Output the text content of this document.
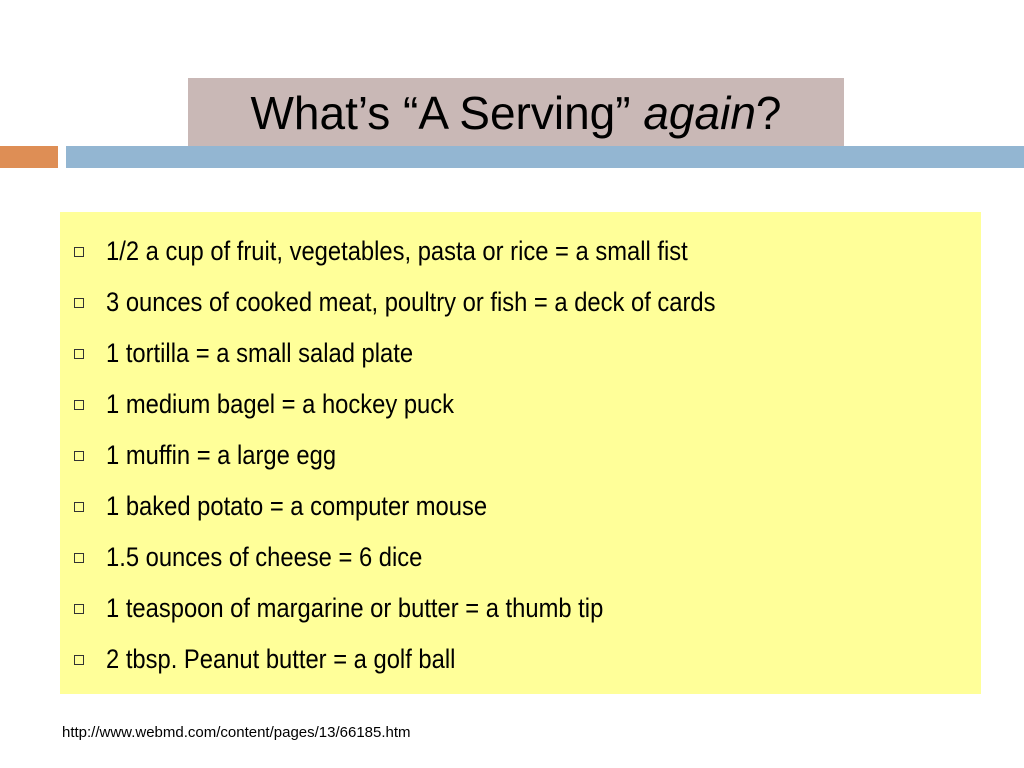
What’s “A Serving” again ?
1/2 a cup of fruit, vegetables, pasta or rice = a small fist
3 ounces of cooked meat, poultry or fish = a deck of cards
1 tortilla = a small salad plate
1 medium bagel = a hockey puck
1 muffin = a large egg
1 baked potato = a computer mouse
1.5 ounces of cheese = 6 dice
1 teaspoon of margarine or butter = a thumb tip
2 tbsp. Peanut butter = a golf ball
http://www.webmd.com/content/pages/13/66185.htm
